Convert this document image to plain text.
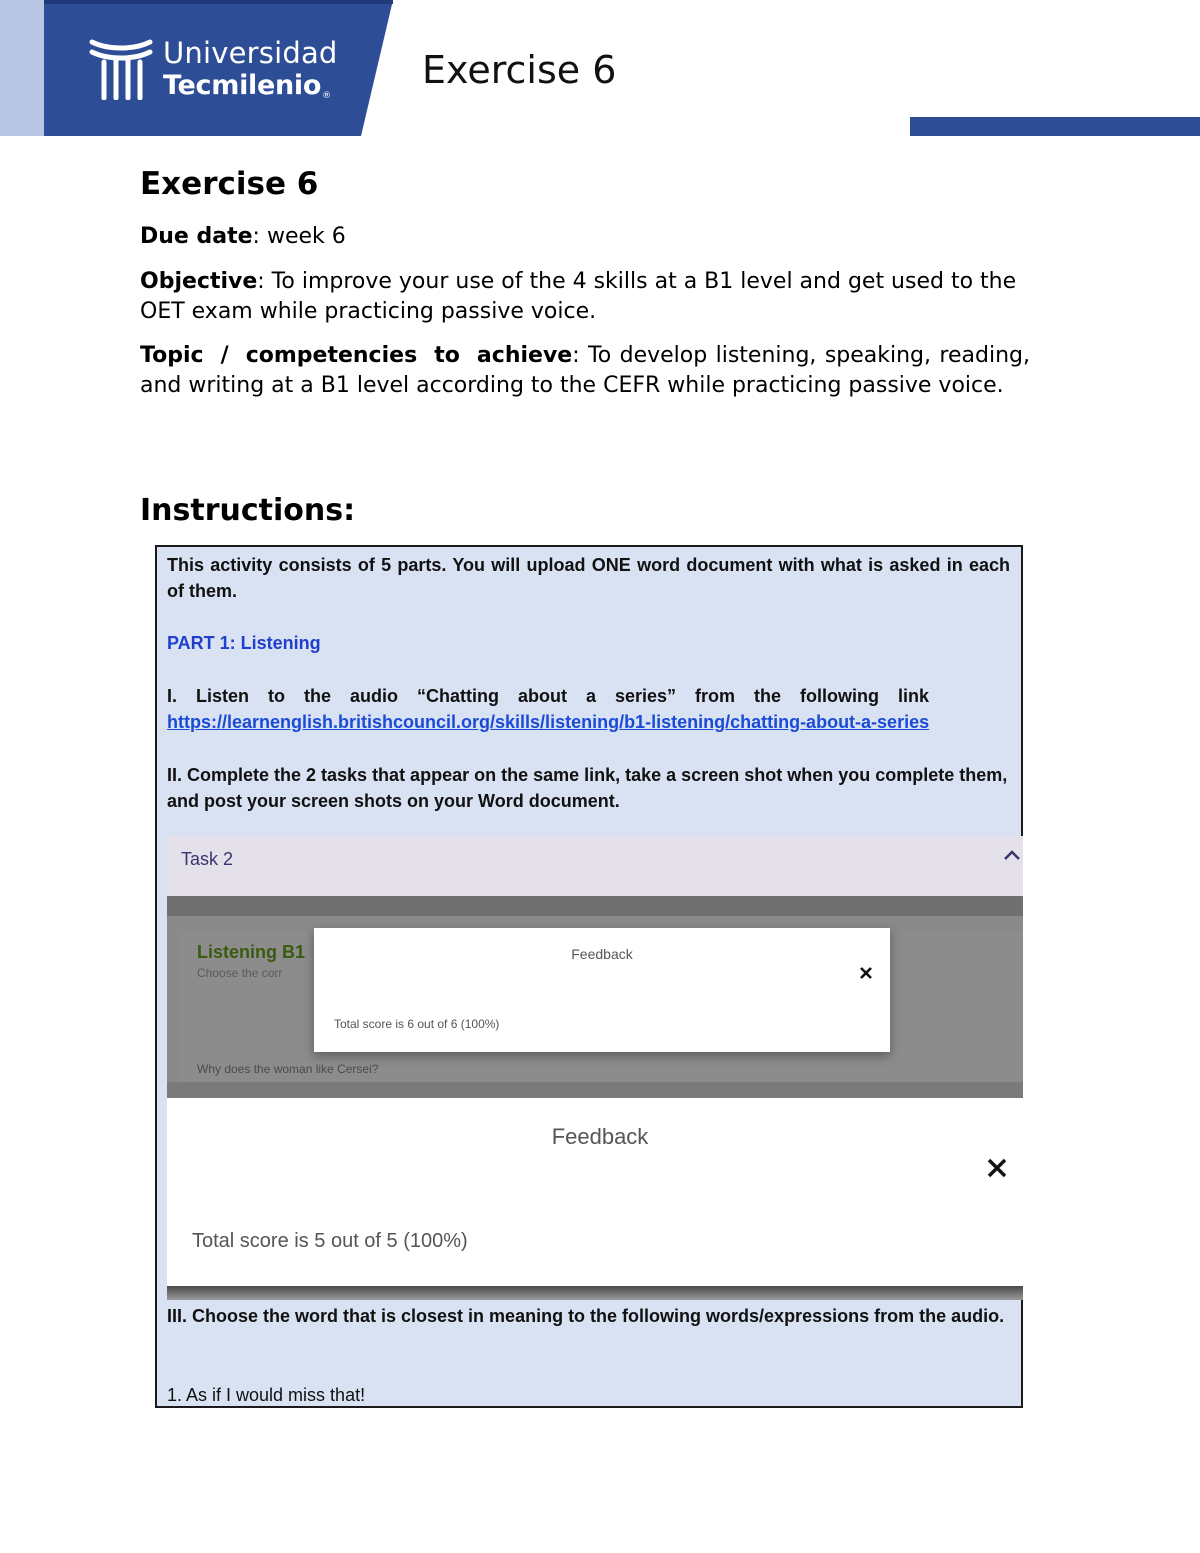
Universidad
Tecmilenio®
Exercise 6
Exercise 6
Due date: week 6
Objective: To improve your use of the 4 skills at a B1 level and get used to the OET exam while practicing passive voice.
Topic / competencies to achieve: To develop listening, speaking, reading, and writing at a B1 level according to the CEFR while practicing passive voice.
Instructions:
This activity consists of 5 parts. You will upload ONE word document with what is asked in each of them.
PART 1: Listening
I. Listen to the audio “Chatting about a series” from the following link
https://learnenglish.britishcouncil.org/skills/listening/b1-listening/chatting-about-a-series
II. Complete the 2 tasks that appear on the same link, take a screen shot when you complete them, and post your screen shots on your Word document.
Task 2
Listening B1
Choose the corr
Why does the woman like Cersei?
Feedback
Total score is 6 out of 6 (100%)
Feedback
Total score is 5 out of 5 (100%)
III. Choose the word that is closest in meaning to the following words/expressions from the audio.
1. As if I would miss that!
